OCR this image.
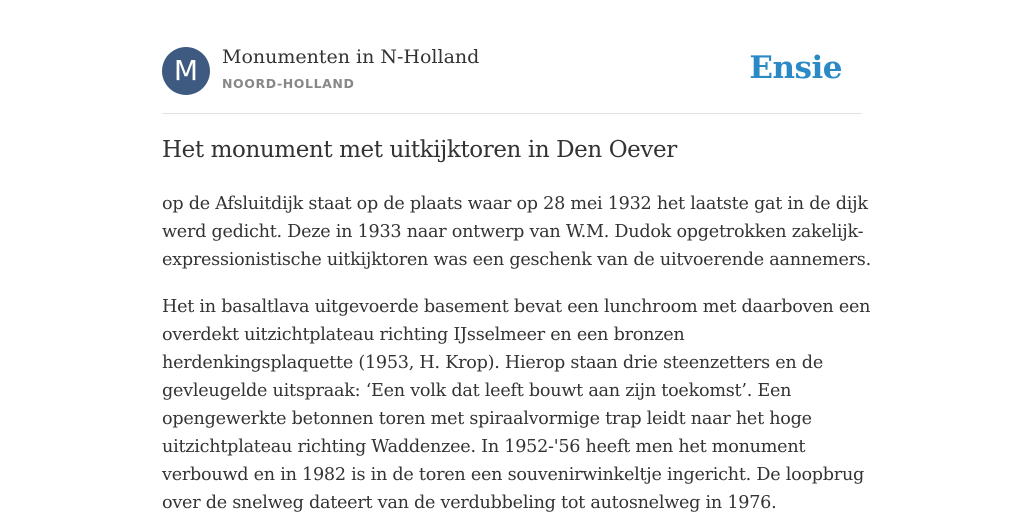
M	Monumenten in N-Holland
NOORD-HOLLAND	Ensie
Het monument met uitkijktoren in Den Oever

op de Afsluitdijk staat op de plaats waar op 28 mei 1932 het laatste gat in de dijk
werd gedicht. Deze in 1933 naar ontwerp van W.M. Dudok opgetrokken zakelijk-
expressionistische uitkijktoren was een geschenk van de uitvoerende aannemers.

Het in basaltlava uitgevoerde basement bevat een lunchroom met daarboven een
overdekt uitzichtplateau richting IJsselmeer en een bronzen
herdenkingsplaquette (1953, H. Krop). Hierop staan drie steenzetters en de
gevleugelde uitspraak: ‘Een volk dat leeft bouwt aan zijn toekomst’. Een
opengewerkte betonnen toren met spiraalvormige trap leidt naar het hoge
uitzichtplateau richting Waddenzee. In 1952-'56 heeft men het monument
verbouwd en in 1982 is in de toren een souvenirwinkeltje ingericht. De loopbrug
over de snelweg dateert van de verdubbeling tot autosnelweg in 1976.
